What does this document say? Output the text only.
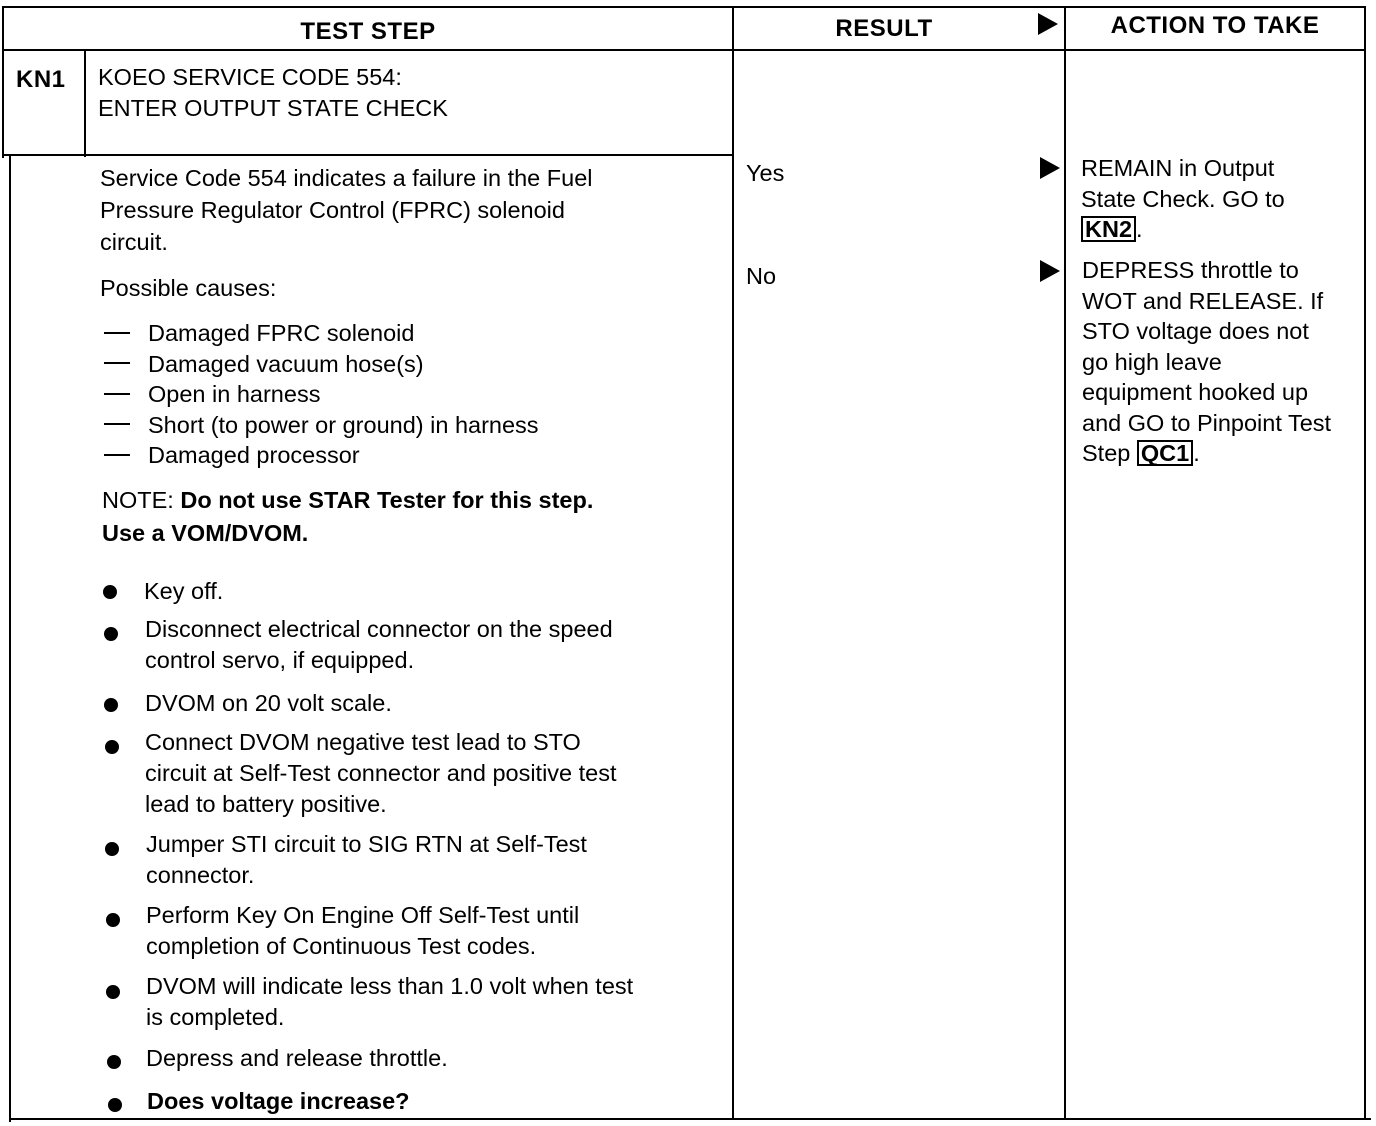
TEST STEP	RESULT	ACTION TO TAKE
KN1 KOEO SERVICE CODE 554:

ENTER OUTPUT STATE CHECK

Service Code 554 indicates a failure in the Fuel

Pressure Regulator Control (FPRC) solenoid

circuit.

Possible causes:

Damaged FPRC solenoid

Damaged vacuum hose(s)

Open in harness

Short (to power or ground) in harness

Damaged processor

NOTE: Do not use STAR Tester for this step.

Use a VOM/DVOM.

Key off.

Disconnect electrical connector on the speed

control servo, if equipped.

DVOM on 20 volt scale.

Connect DVOM negative test lead to STO

circuit at Self-Test connector and positive test

lead to battery positive.

Jumper STI circuit to SIG RTN at Self-Test

connector.

Perform Key On Engine Off Self-Test until

completion of Continuous Test codes.

DVOM will indicate less than 1.0 volt when test

is completed.

Depress and release throttle.

Does voltage increase?

Yes
No

REMAIN in Output

State Check. GO to

KN2 .

DEPRESS throttle to

WOT and RELEASE. If

STO voltage does not

go high leave

equipment hooked up

and GO to Pinpoint Test

Step QC1 .
